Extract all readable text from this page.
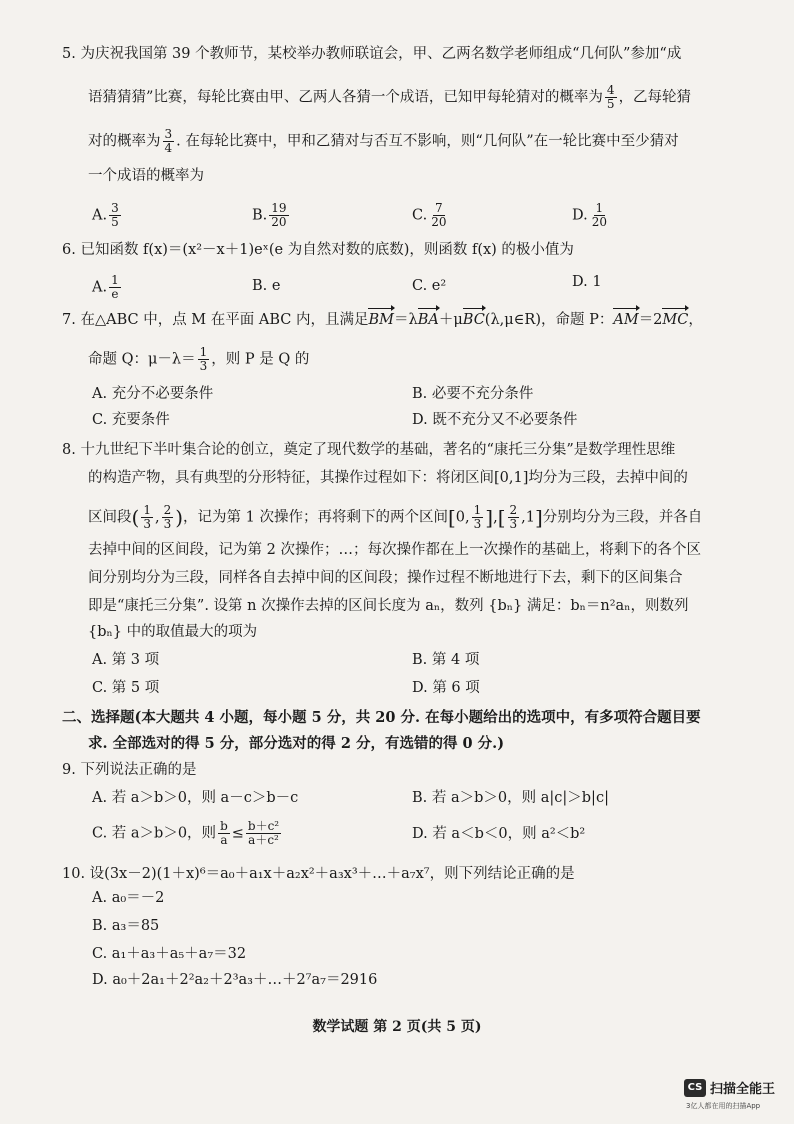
5. 为庆祝我国第 39 个教师节，某校举办教师联谊会，甲、乙两名数学老师组成“几何队”参加“成
语猜猜猜”比赛，每轮比赛由甲、乙两人各猜一个成语，已知甲每轮猜对的概率为 $\frac{4}{5}$ ，乙每轮猜
对的概率为 $\frac{3}{4}$ . 在每轮比赛中，甲和乙猜对与否互不影响，则“几何队”在一轮比赛中至少猜对
一个成语的概率为
A. $\frac{3}{5}$	B. $\frac{19}{20}$	C. $\frac{7}{20}$	D. $\frac{1}{20}$
6. 已知函数 f(x)＝(x²－x＋1)eˣ(e 为自然对数的底数)，则函数 f(x) 的极小值为
A. $\frac{1}{e}$	B. e	C. e²	D. 1
7. 在△ABC 中，点 M 在平面 ABC 内，且满足BM＝λBA＋μBC(λ,μ∈R)，命题 P：AM＝2MC，
命题 Q：$\mu-\lambda= \frac{1}{3}$ ，则 P 是 Q 的
A. 充分不必要条件	B. 必要不充分条件
C. 充要条件	D. 既不充分又不必要条件
8. 十九世纪下半叶集合论的创立，奠定了现代数学的基础，著名的“康托三分集”是数学理性思维
的构造产物，具有典型的分形特征，其操作过程如下：将闭区间[0,1]均分为三段，去掉中间的
区间段( $\frac{1}{3}$ , $\frac{2}{3}$ )，记为第 1 次操作；再将剩下的两个区间[0, $\frac{1}{3}$ ],[ $\frac{2}{3} ,1$]分别均分为三段，并各自
去掉中间的区间段，记为第 2 次操作；…；每次操作都在上一次操作的基础上，将剩下的各个区
间分别均分为三段，同样各自去掉中间的区间段；操作过程不断地进行下去，剩下的区间集合
即是“康托三分集”. 设第 n 次操作去掉的区间长度为 aₙ，数列 {bₙ} 满足：bₙ＝n²aₙ，则数列
{bₙ} 中的取值最大的项为
A. 第 3 项	B. 第 4 项
C. 第 5 项	D. 第 6 项
二、选择题(本大题共 4 小题，每小题 5 分，共 20 分. 在每小题给出的选项中，有多项符合题目要
求. 全部选对的得 5 分，部分选对的得 2 分，有选错的得 0 分.)
9. 下列说法正确的是
A. 若 a＞b＞0，则 a－c＞b－c	B. 若 a＞b＞0，则 a|c|＞b|c|
C. 若 a＞b＞0，则 $\frac{b}{a} \le \frac{\text{b＋c²}}{\text{a＋c²}}$	D. 若 a＜b＜0，则 a²＜b²
10. 设(3x－2)(1＋x)⁶＝a₀＋a₁x＋a₂x²＋a₃x³＋…＋a₇x⁷，则下列结论正确的是
A. a₀＝－2
B. a₃＝85
C. a₁＋a₃＋a₅＋a₇＝32
D. a₀＋2a₁＋2²a₂＋2³a₃＋…＋2⁷a₇＝2916
数学试题 第 2 页(共 5 页)
CS 扫描全能王
3亿人都在用的扫描App
